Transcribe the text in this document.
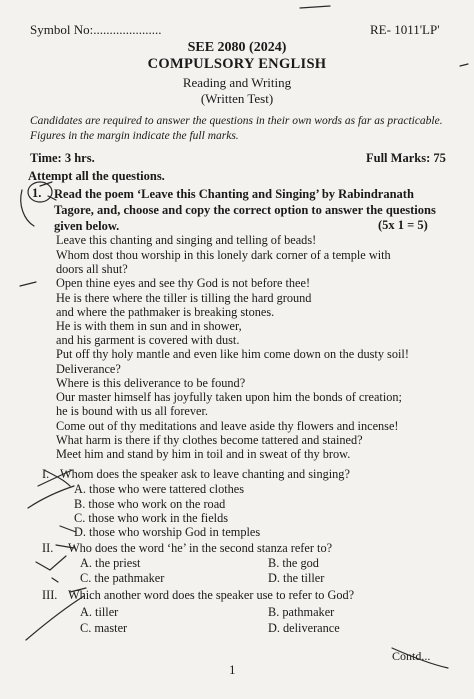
Symbol No:.....................	RE- 1011'LP'
SEE 2080 (2024)
COMPULSORY ENGLISH
Reading and Writing
(Written Test)
Candidates are required to answer the questions in their own words as far as practicable. Figures in the margin indicate the full marks.
Time: 3 hrs.	Full Marks: 75
Attempt all the questions.
1. Read the poem ‘Leave this Chanting and Singing’ by Rabindranath Tagore, and, choose and copy the correct option to answer the questions given below.	(5x 1 = 5)
Leave this chanting and singing and telling of beads!
Whom dost thou worship in this lonely dark corner of a temple with
doors all shut?
Open thine eyes and see thy God is not before thee!
He is there where the tiller is tilling the hard ground
and where the pathmaker is breaking stones.
He is with them in sun and in shower,
and his garment is covered with dust.
Put off thy holy mantle and even like him come down on the dusty soil!
Deliverance?
Where is this deliverance to be found?
Our master himself has joyfully taken upon him the bonds of creation;
he is bound with us all forever.
Come out of thy meditations and leave aside thy flowers and incense!
What harm is there if thy clothes become tattered and stained?
Meet him and stand by him in toil and in sweat of thy brow.
I. Whom does the speaker ask to leave chanting and singing?
A. those who were tattered clothes
B. those who work on the road
C. those who work in the fields
D. those who worship God in temples
II. Who does the word ‘he’ in the second stanza refer to?
A. the priest	B. the god
C. the pathmaker	D. the tiller
III. Which another word does the speaker use to refer to God?
A. tiller	B. pathmaker
C. master	D. deliverance
Contd...
1
